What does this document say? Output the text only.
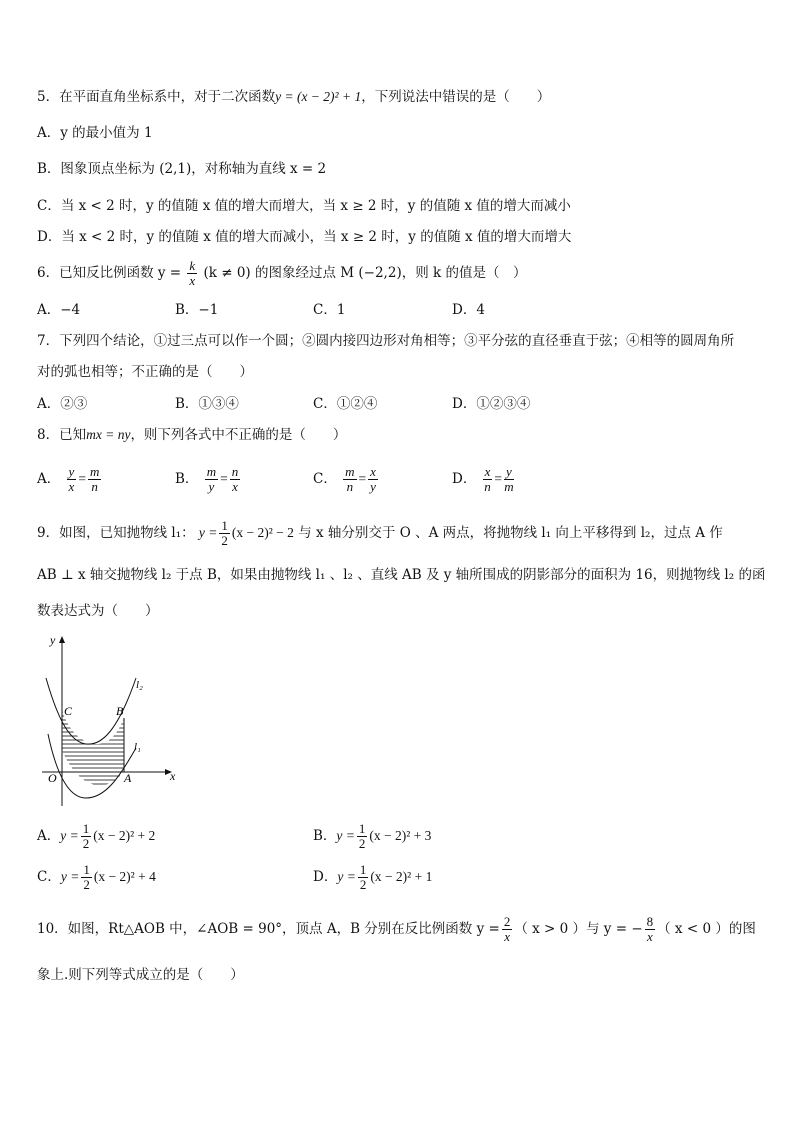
5．在平面直角坐标系中，对于二次函数y = (x − 2)² + 1，下列说法中错误的是（　　）
A．y 的最小值为 1
B．图象顶点坐标为 (2,1)，对称轴为直线 x = 2
C．当 x < 2 时，y 的值随 x 值的增大而增大，当 x ≥ 2 时，y 的值随 x 值的增大而减小
D．当 x < 2 时，y 的值随 x 值的增大而减小，当 x ≥ 2 时，y 的值随 x 值的增大而增大
6．已知反比例函数 $y = \frac{k}{x} (k \ne 0)$ 的图象经过点 M (−2,2)，则 k 的值是（　）
A．−4	B．−1	C．1	D．4
7．下列四个结论，①过三点可以作一个圆；②圆内接四边形对角相等；③平分弦的直径垂直于弦；④相等的圆周角所
对的弧也相等；不正确的是（　　）
A．②③	B．①③④	C．①②④	D．①②③④
8．已知mx = ny，则下列各式中不正确的是（　　）
A． $\frac{y}{x} = \frac{m}{n}$	B． $\frac{m}{y} = \frac{n}{x}$	C． $\frac{m}{n} = \frac{x}{y}$	D． $\frac{x}{n} = \frac{y}{m}$
9．如图，已知抛物线 l₁： $y = \frac{1}{2} (x - 2)^2 - 2$ 与 x 轴分别交于 O 、A 两点，将抛物线 l₁ 向上平移得到 l₂，过点 A 作
AB ⊥ x 轴交抛物线 l₂ 于点 B，如果由抛物线 l₁ 、l₂ 、直线 AB 及 y 轴所围成的阴影部分的面积为 16，则抛物线 l₂ 的函
数表达式为（　　）
y
x
O	A
B
C
l₁
l₂
A．$y = \frac{1}{2} (x - 2)^2 + 2$	B．$y = \frac{1}{2} (x - 2)^2 + 3$
C．$y = \frac{1}{2} (x - 2)^2 + 4$	D．$y = \frac{1}{2} (x - 2)^2 + 1$
10．如图，Rt△AOB 中，∠AOB = 90°，顶点 A，B 分别在反比例函数 $y = \frac{2}{x}$ （ x > 0 ）与 y = − $\frac{8}{x}$ （ x < 0 ）的图
象上.则下列等式成立的是（　　）
